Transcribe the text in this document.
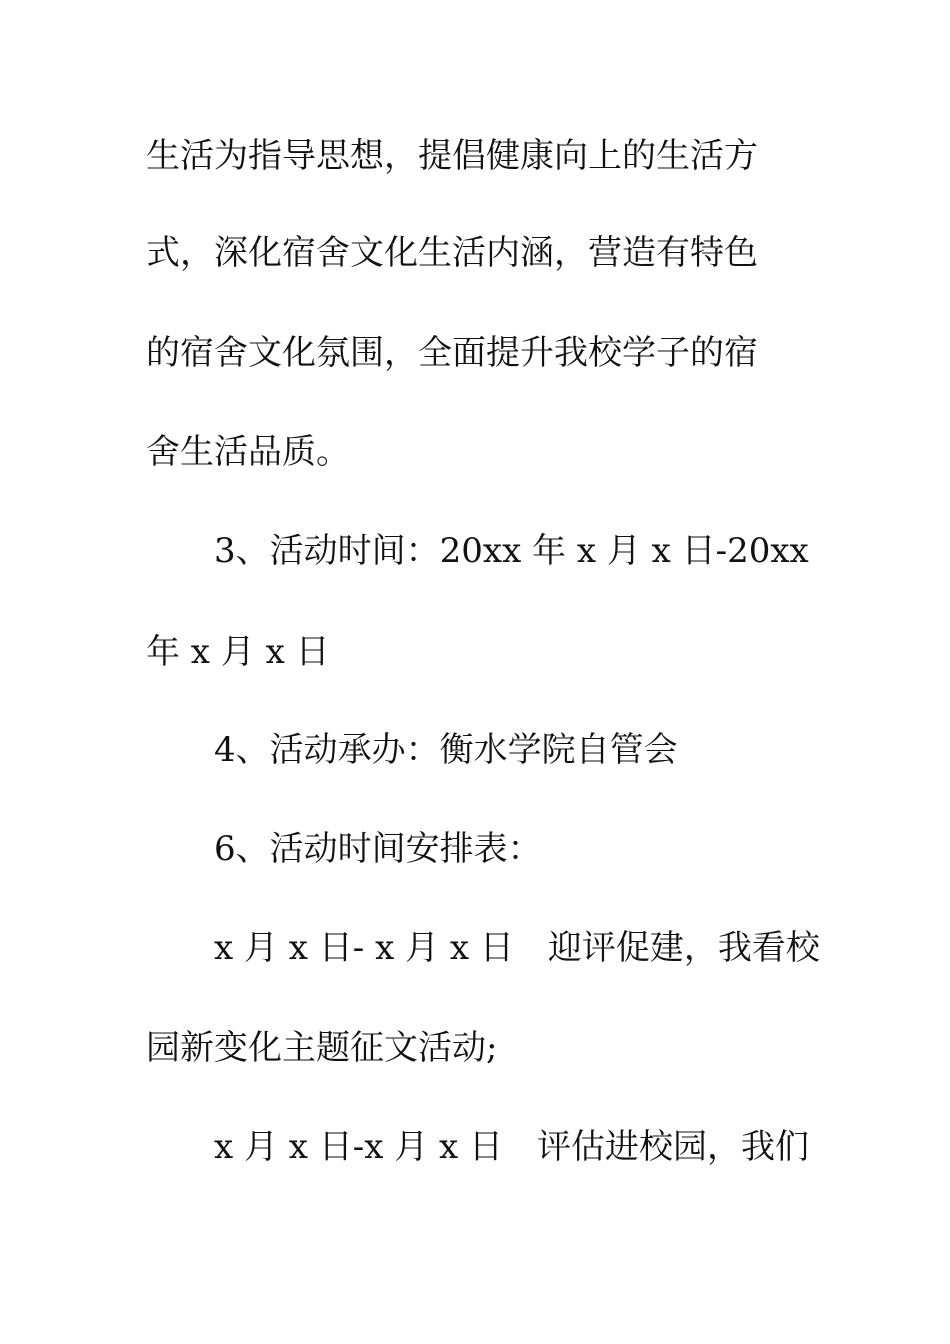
生活为指导思想，提倡健康向上的生活方
式，深化宿舍文化生活内涵，营造有特色
的宿舍文化氛围，全面提升我校学子的宿
舍生活品质。
3、活动时间：20xx 年 x 月 x 日-20xx
年 x 月 x 日
4、活动承办：衡水学院自管会
6、活动时间安排表：
x 月 x 日- x 月 x 日　迎评促建，我看校
园新变化主题征文活动;
x 月 x 日-x 月 x 日　评估进校园，我们
